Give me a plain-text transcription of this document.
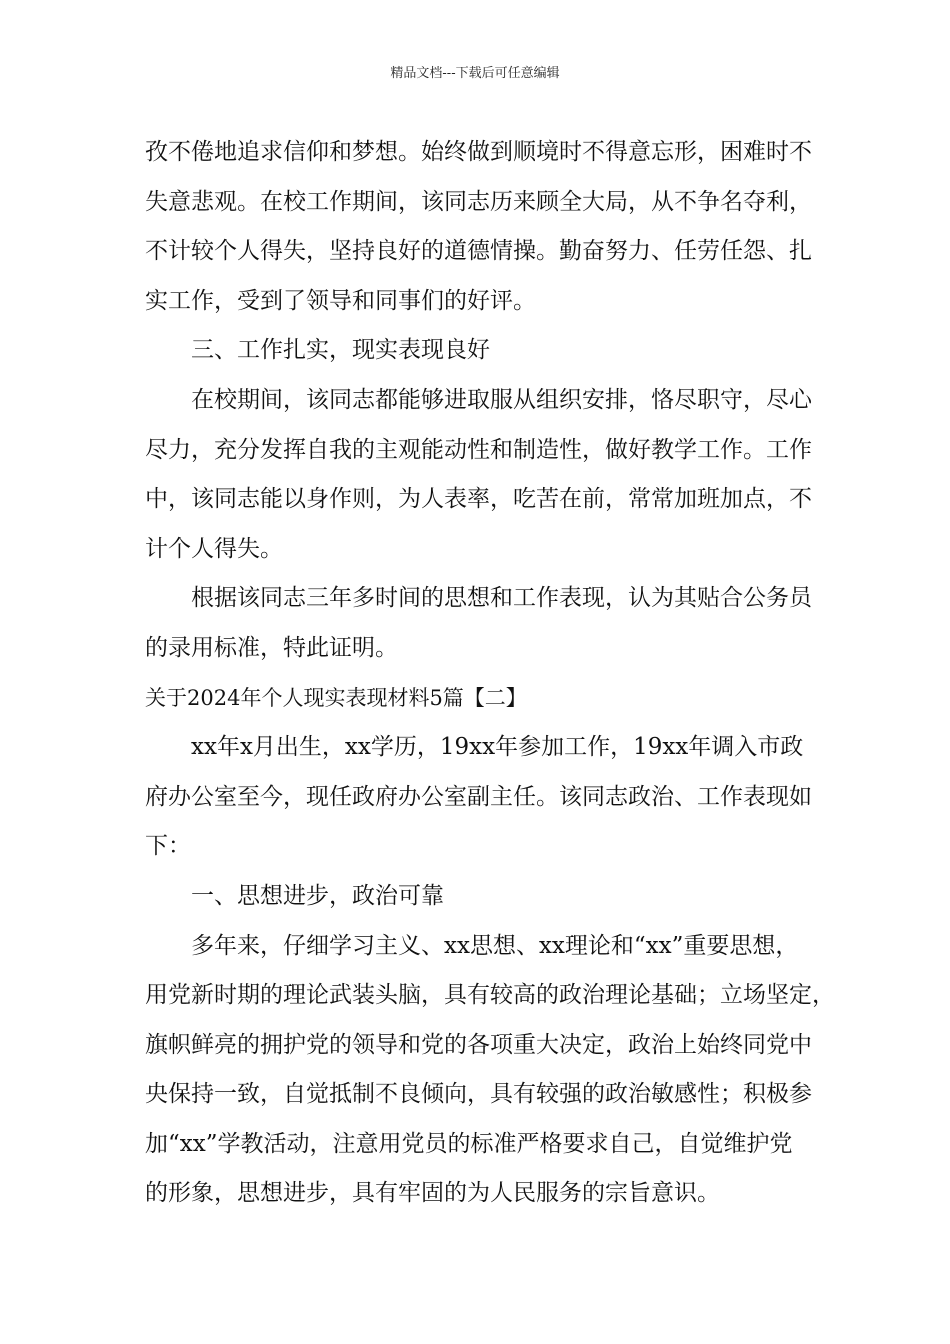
精品文档---下载后可任意编辑
孜不倦地追求信仰和梦想。始终做到顺境时不得意忘形，困难时不
失意悲观。在校工作期间，该同志历来顾全大局，从不争名夺利，
不计较个人得失，坚持良好的道德情操。勤奋努力、任劳任怨、扎
实工作，受到了领导和同事们的好评。
三、工作扎实，现实表现良好
在校期间，该同志都能够进取服从组织安排，恪尽职守，尽心
尽力，充分发挥自我的主观能动性和制造性，做好教学工作。工作
中，该同志能以身作则，为人表率，吃苦在前，常常加班加点，不
计个人得失。
根据该同志三年多时间的思想和工作表现，认为其贴合公务员
的录用标准，特此证明。
关于2024年个人现实表现材料5篇【二】
xx年x月出生，xx学历，19xx年参加工作，19xx年调入市政
府办公室至今，现任政府办公室副主任。该同志政治、工作表现如
下：
一、思想进步，政治可靠
多年来，仔细学习主义、xx思想、xx理论和“xx”重要思想，
用党新时期的理论武装头脑，具有较高的政治理论基础；立场坚定，
旗帜鲜亮的拥护党的领导和党的各项重大决定，政治上始终同党中
央保持一致，自觉抵制不良倾向，具有较强的政治敏感性；积极参
加“xx”学教活动，注意用党员的标准严格要求自己，自觉维护党
的形象，思想进步，具有牢固的为人民服务的宗旨意识。
